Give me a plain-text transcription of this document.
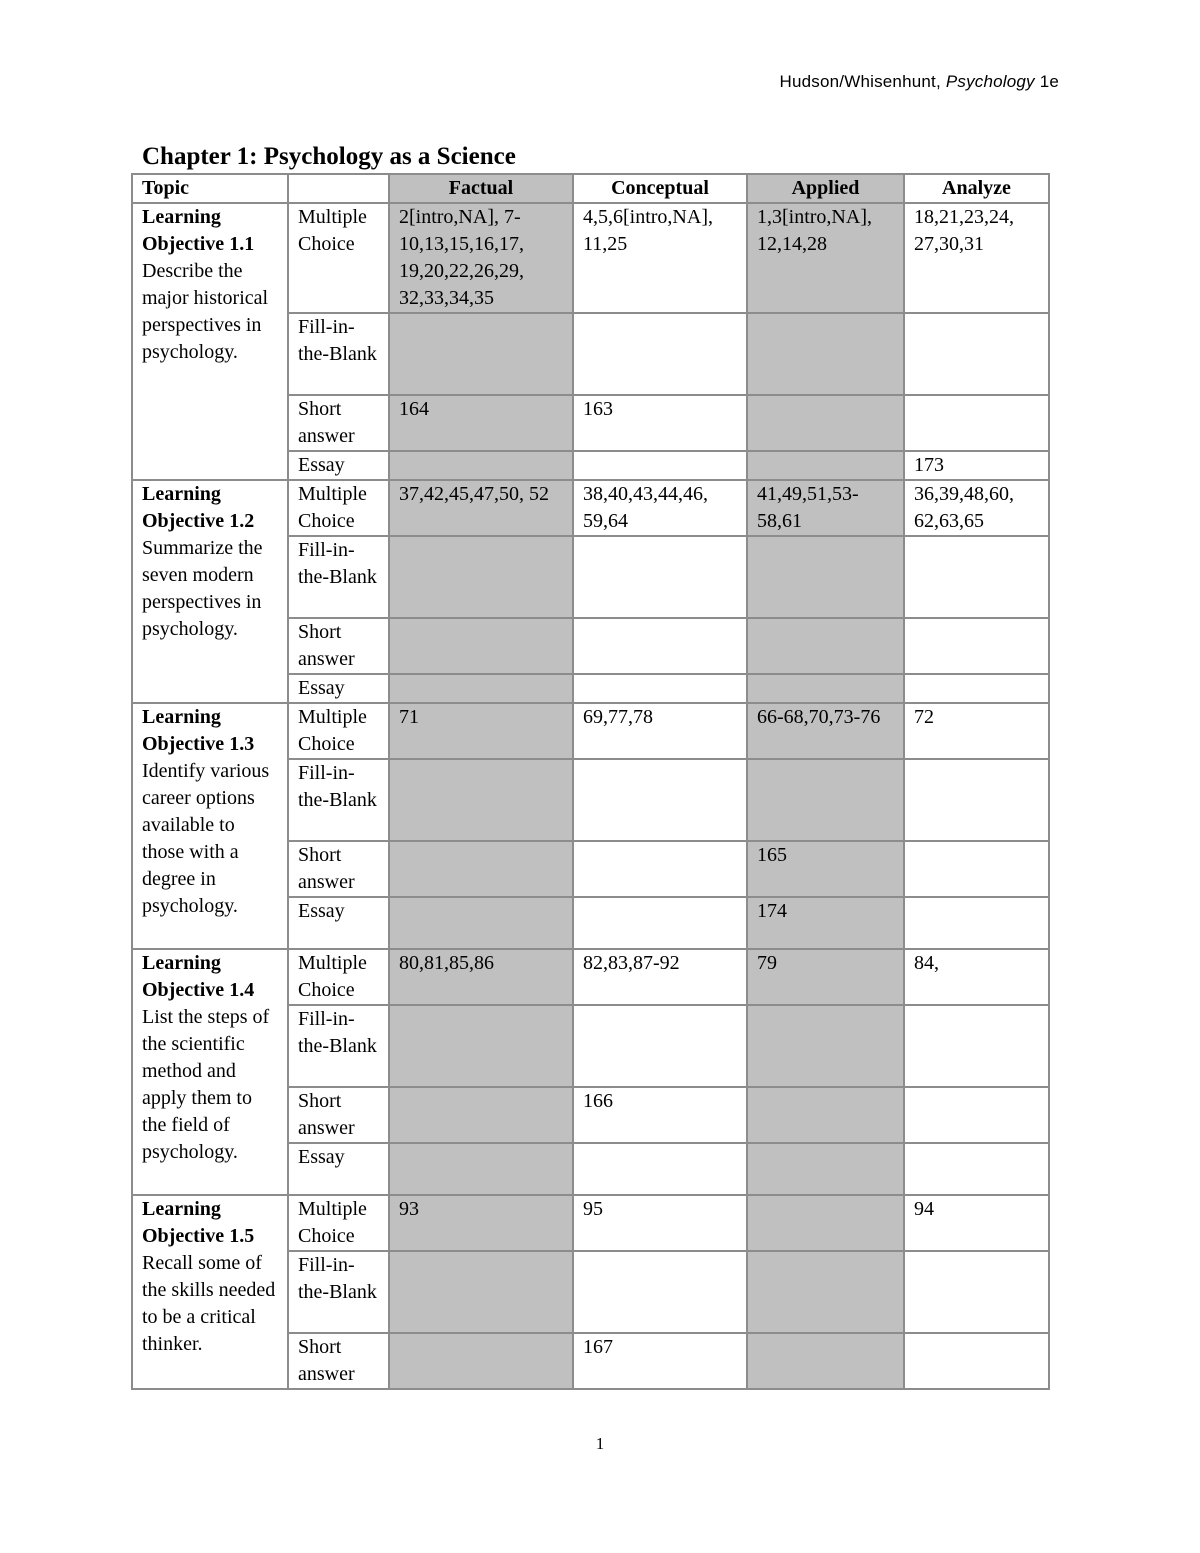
Hudson/Whisenhunt, Psychology 1e
Chapter 1: Psychology as a Science
Topic		Factual	Conceptual	Applied	Analyze

Learning Objective 1.1
Describe the major historical perspectives in psychology.	Multiple Choice	2[intro,NA], 7-10,13,15,16,17, 19,20,22,26,29, 32,33,34,35	4,5,6[intro,NA], 11,25	1,3[intro,NA], 12,14,28	18,21,23,24, 27,30,31
	Fill-in-the-Blank				
	Short answer	164	163		
	Essay				173

Learning Objective 1.2
Summarize the seven modern perspectives in psychology.	Multiple Choice	37,42,45,47,50, 52	38,40,43,44,46, 59,64	41,49,51,53-58,61	36,39,48,60, 62,63,65
	Fill-in-the-Blank				
	Short answer				
	Essay				

Learning Objective 1.3
Identify various career options available to those with a degree in psychology.	Multiple Choice	71	69,77,78	66-68,70,73-76	72
	Fill-in-the-Blank				
	Short answer			165	
	Essay			174	

Learning Objective 1.4
List the steps of the scientific method and apply them to the field of psychology.	Multiple Choice	80,81,85,86	82,83,87-92	79	84,
	Fill-in-the-Blank				
	Short answer		166		
	Essay				

Learning Objective 1.5
Recall some of the skills needed to be a critical thinker.	Multiple Choice	93	95		94
	Fill-in-the-Blank				
	Short answer		167		
1
